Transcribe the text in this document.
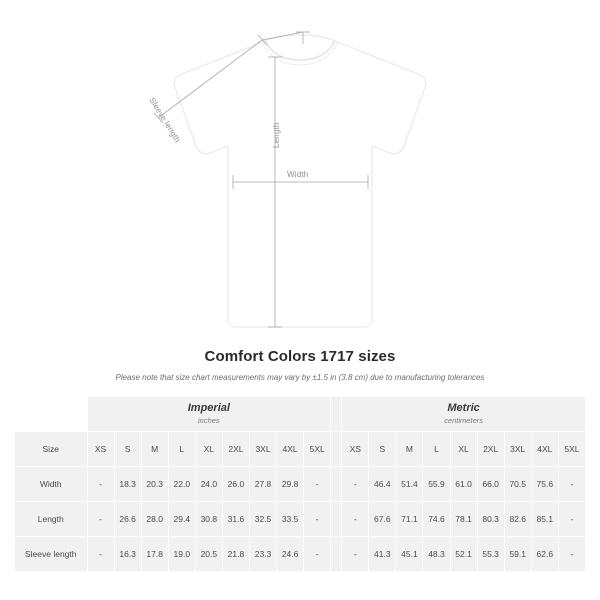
Sleeve length	Length
Width
Comfort Colors 1717 sizes
Please note that size chart measurements may vary by ±1.5 in (3.8 cm) due to manufacturing tolerances

	Imperial
inches										Metric
centimeters								

Size	XS	S	M	L	XL	2XL	3XL	4XL	5XL		XS	S	M	L	XL	2XL	3XL	4XL	5XL
Width	-	18.3	20.3	22.0	24.0	26.0	27.8	29.8	-		-	46.4	51.4	55.9	61.0	66.0	70.5	75.6	-
Length	-	26.6	28.0	29.4	30.8	31.6	32.5	33.5	-		-	67.6	71.1	74.6	78.1	80.3	82.6	85.1	-
Sleeve length	-	16.3	17.8	19.0	20.5	21.8	23.3	24.6	-		-	41.3	45.1	48.3	52.1	55.3	59.1	62.6	-
